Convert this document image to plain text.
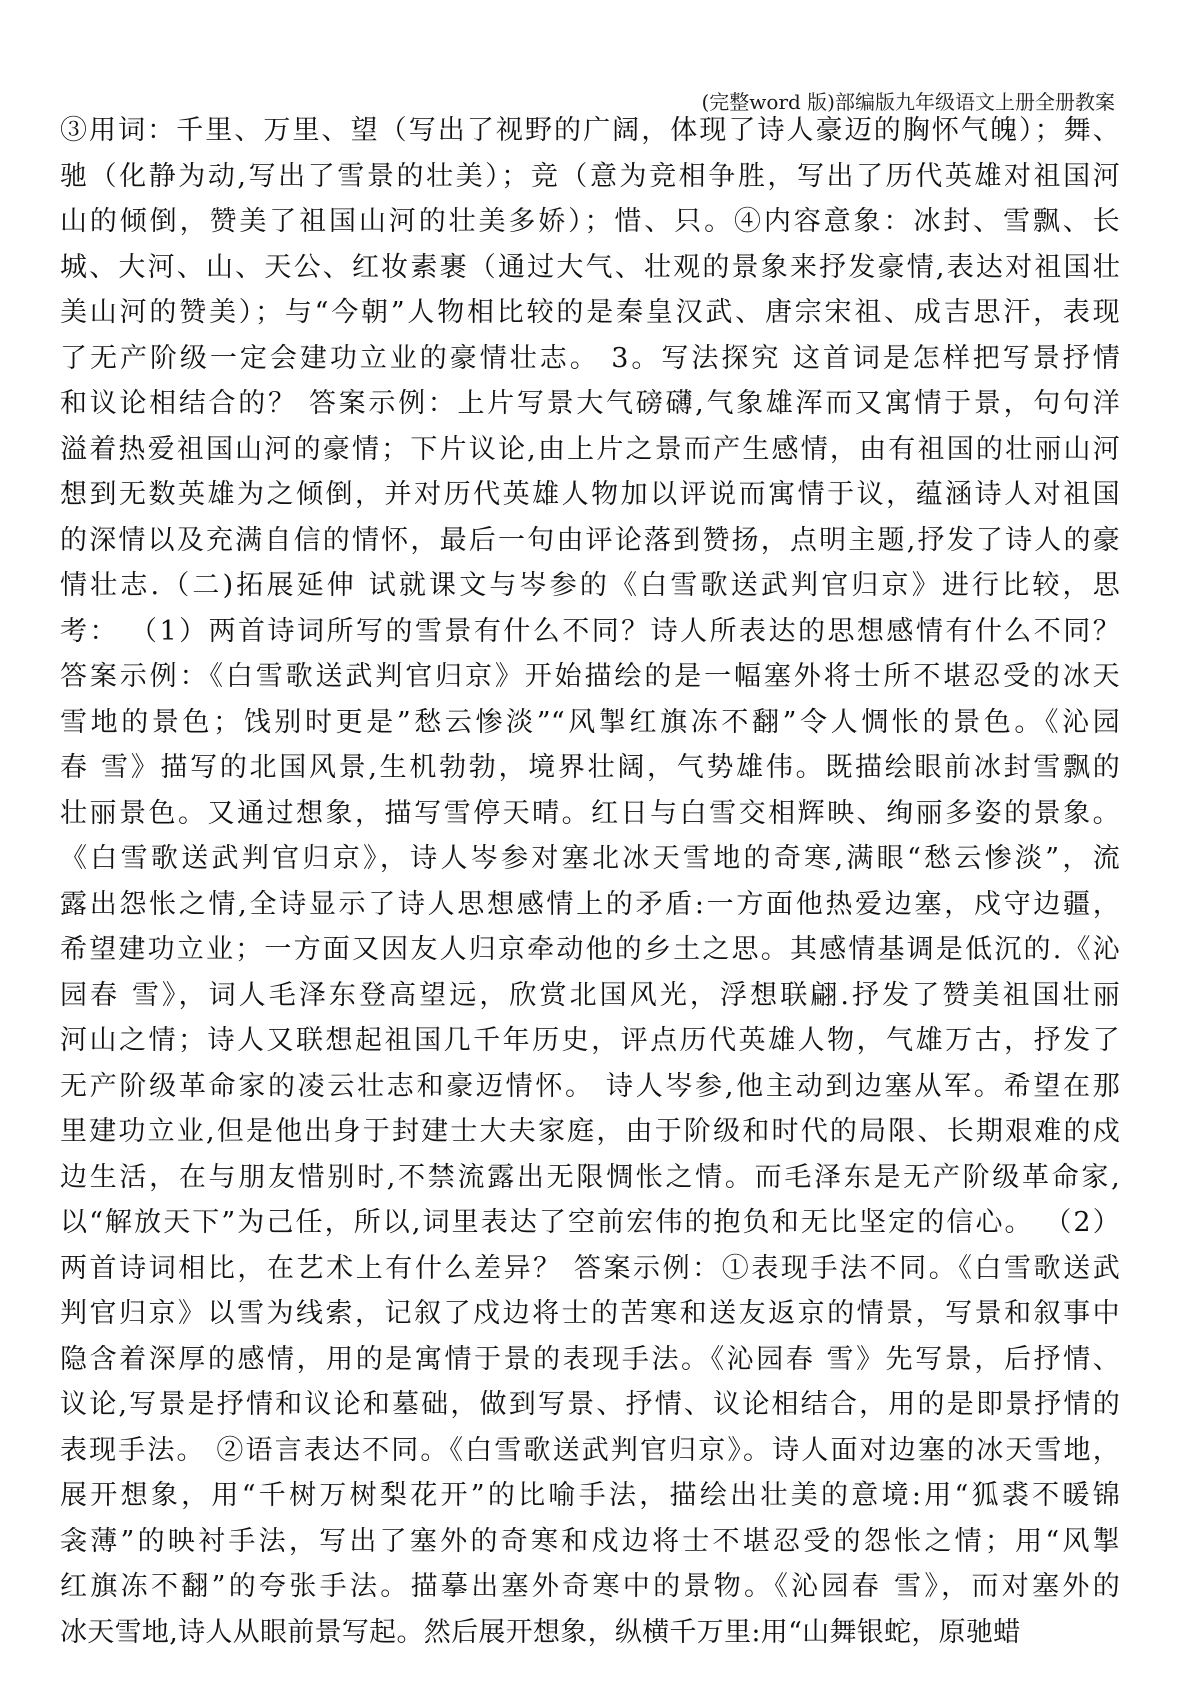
(完整word 版)部编版九年级语文上册全册教案
③用词：千里、万里、望（写出了视野的广阔，体现了诗人豪迈的胸怀气魄）；舞、
驰（化静为动,写出了雪景的壮美）；竞（意为竞相争胜，写出了历代英雄对祖国河
山的倾倒，赞美了祖国山河的壮美多娇）；惜、只。④内容意象：冰封、雪飘、长
城、大河、山、天公、红妆素裹（通过大气、壮观的景象来抒发豪情,表达对祖国壮
美山河的赞美）；与“今朝”人物相比较的是秦皇汉武、唐宗宋祖、成吉思汗，表现
了无产阶级一定会建功立业的豪情壮志。 3。写法探究 这首词是怎样把写景抒情
和议论相结合的？ 答案示例：上片写景大气磅礴,气象雄浑而又寓情于景，句句洋
溢着热爱祖国山河的豪情；下片议论,由上片之景而产生感情，由有祖国的壮丽山河
想到无数英雄为之倾倒，并对历代英雄人物加以评说而寓情于议，蕴涵诗人对祖国
的深情以及充满自信的情怀，最后一句由评论落到赞扬，点明主题,抒发了诗人的豪
情壮志.（二)拓展延伸 试就课文与岑参的《白雪歌送武判官归京》进行比较，思
考： （1）两首诗词所写的雪景有什么不同？诗人所表达的思想感情有什么不同？
答案示例：《白雪歌送武判官归京》开始描绘的是一幅塞外将士所不堪忍受的冰天
雪地的景色；饯别时更是”愁云惨淡”“风掣红旗冻不翻”令人惆怅的景色。《沁园
春 雪》描写的北国风景,生机勃勃，境界壮阔，气势雄伟。既描绘眼前冰封雪飘的
壮丽景色。又通过想象，描写雪停天晴。红日与白雪交相辉映、绚丽多姿的景象。
《白雪歌送武判官归京》，诗人岑参对塞北冰天雪地的奇寒,满眼“愁云惨淡”，流
露出怨怅之情,全诗显示了诗人思想感情上的矛盾:一方面他热爱边塞，戍守边疆，
希望建功立业；一方面又因友人归京牵动他的乡土之思。其感情基调是低沉的.《沁
园春 雪》，词人毛泽东登高望远，欣赏北国风光，浮想联翩.抒发了赞美祖国壮丽
河山之情；诗人又联想起祖国几千年历史，评点历代英雄人物，气雄万古，抒发了
无产阶级革命家的凌云壮志和豪迈情怀。 诗人岑参,他主动到边塞从军。希望在那
里建功立业,但是他出身于封建士大夫家庭，由于阶级和时代的局限、长期艰难的戍
边生活，在与朋友惜别时,不禁流露出无限惆怅之情。而毛泽东是无产阶级革命家,
以“解放天下”为己任，所以,词里表达了空前宏伟的抱负和无比坚定的信心。 （2）
两首诗词相比，在艺术上有什么差异？ 答案示例：①表现手法不同。《白雪歌送武
判官归京》以雪为线索，记叙了戍边将士的苦寒和送友返京的情景，写景和叙事中
隐含着深厚的感情，用的是寓情于景的表现手法。《沁园春 雪》先写景，后抒情、
议论,写景是抒情和议论和墓础，做到写景、抒情、议论相结合，用的是即景抒情的
表现手法。 ②语言表达不同。《白雪歌送武判官归京》。诗人面对边塞的冰天雪地，
展开想象，用“千树万树梨花开”的比喻手法，描绘出壮美的意境:用“狐裘不暖锦
衾薄”的映衬手法，写出了塞外的奇寒和戍边将士不堪忍受的怨怅之情；用“风掣
红旗冻不翻”的夸张手法。描摹出塞外奇寒中的景物。《沁园春 雪》，而对塞外的
冰天雪地,诗人从眼前景写起。然后展开想象，纵横千万里:用“山舞银蛇，原驰蜡
